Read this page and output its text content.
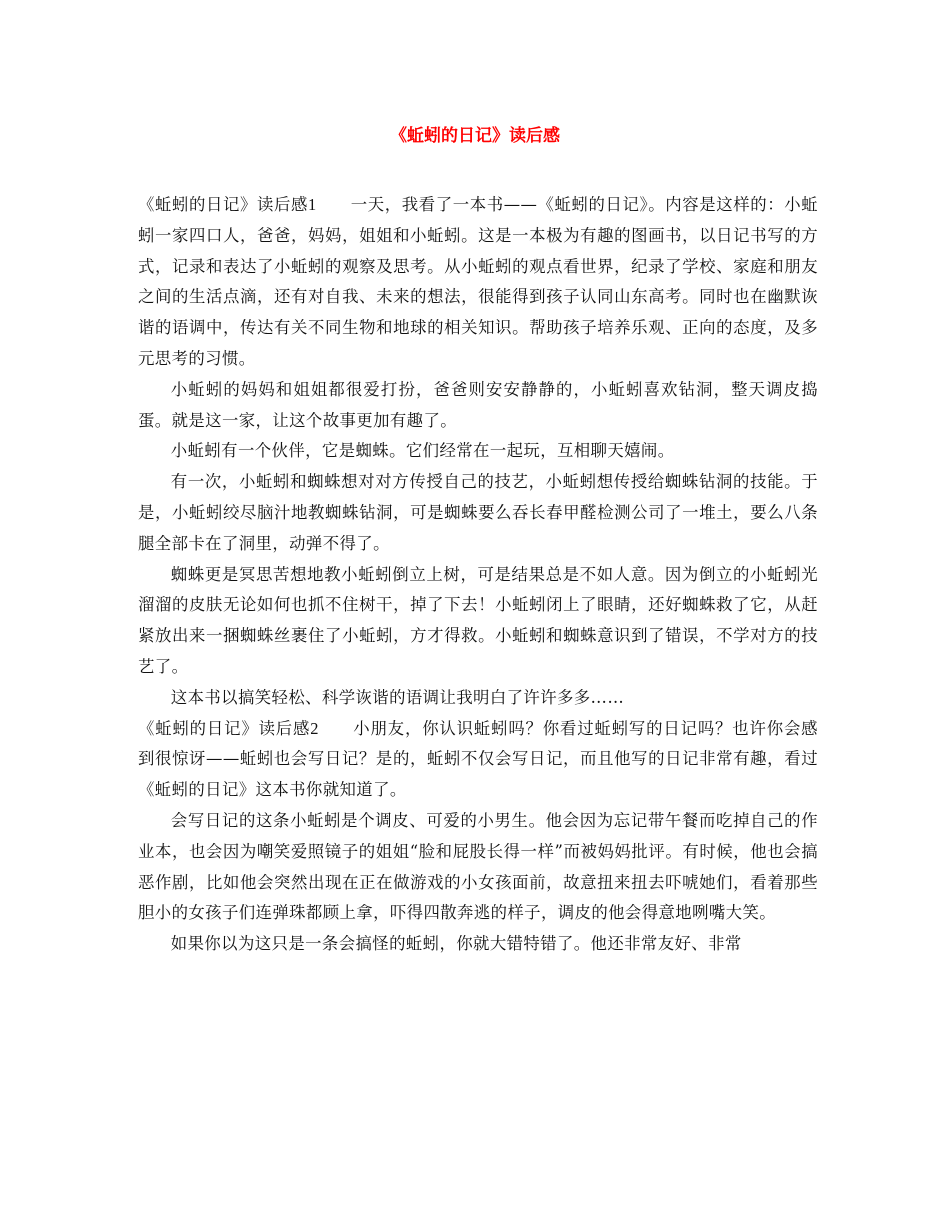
《蚯蚓的日记》读后感

《蚯蚓的日记》读后感1 一天，我看了一本书——《蚯蚓的日记》。内容是这样的：小蚯蚓一家四口人，爸爸，妈妈，姐姐和小蚯蚓。这是一本极为有趣的图画书，以日记书写的方式，记录和表达了小蚯蚓的观察及思考。从小蚯蚓的观点看世界，纪录了学校、家庭和朋友之间的生活点滴，还有对自我、未来的想法，很能得到孩子认同山东高考。同时也在幽默诙谐的语调中，传达有关不同生物和地球的相关知识。帮助孩子培养乐观、正向的态度，及多元思考的习惯。

小蚯蚓的妈妈和姐姐都很爱打扮，爸爸则安安静静的，小蚯蚓喜欢钻洞，整天调皮捣蛋。就是这一家，让这个故事更加有趣了。

小蚯蚓有一个伙伴，它是蜘蛛。它们经常在一起玩，互相聊天嬉闹。

有一次，小蚯蚓和蜘蛛想对对方传授自己的技艺，小蚯蚓想传授给蜘蛛钻洞的技能。于是，小蚯蚓绞尽脑汁地教蜘蛛钻洞，可是蜘蛛要么吞长春甲醛检测公司了一堆土，要么八条腿全部卡在了洞里，动弹不得了。

蜘蛛更是冥思苦想地教小蚯蚓倒立上树，可是结果总是不如人意。因为倒立的小蚯蚓光溜溜的皮肤无论如何也抓不住树干，掉了下去！小蚯蚓闭上了眼睛，还好蜘蛛救了它，从赶紧放出来一捆蜘蛛丝裹住了小蚯蚓，方才得救。小蚯蚓和蜘蛛意识到了错误，不学对方的技艺了。

这本书以搞笑轻松、科学诙谐的语调让我明白了许许多多……

《蚯蚓的日记》读后感2 小朋友，你认识蚯蚓吗？你看过蚯蚓写的日记吗？也许你会感到很惊讶——蚯蚓也会写日记？是的，蚯蚓不仅会写日记，而且他写的日记非常有趣，看过《蚯蚓的日记》这本书你就知道了。

会写日记的这条小蚯蚓是个调皮、可爱的小男生。他会因为忘记带午餐而吃掉自己的作业本，也会因为嘲笑爱照镜子的姐姐“脸和屁股长得一样”而被妈妈批评。有时候，他也会搞恶作剧，比如他会突然出现在正在做游戏的小女孩面前，故意扭来扭去吓唬她们，看着那些胆小的女孩子们连弹珠都顾上拿，吓得四散奔逃的样子，调皮的他会得意地咧嘴大笑。

如果你以为这只是一条会搞怪的蚯蚓，你就大错特错了。他还非常友好、非常
